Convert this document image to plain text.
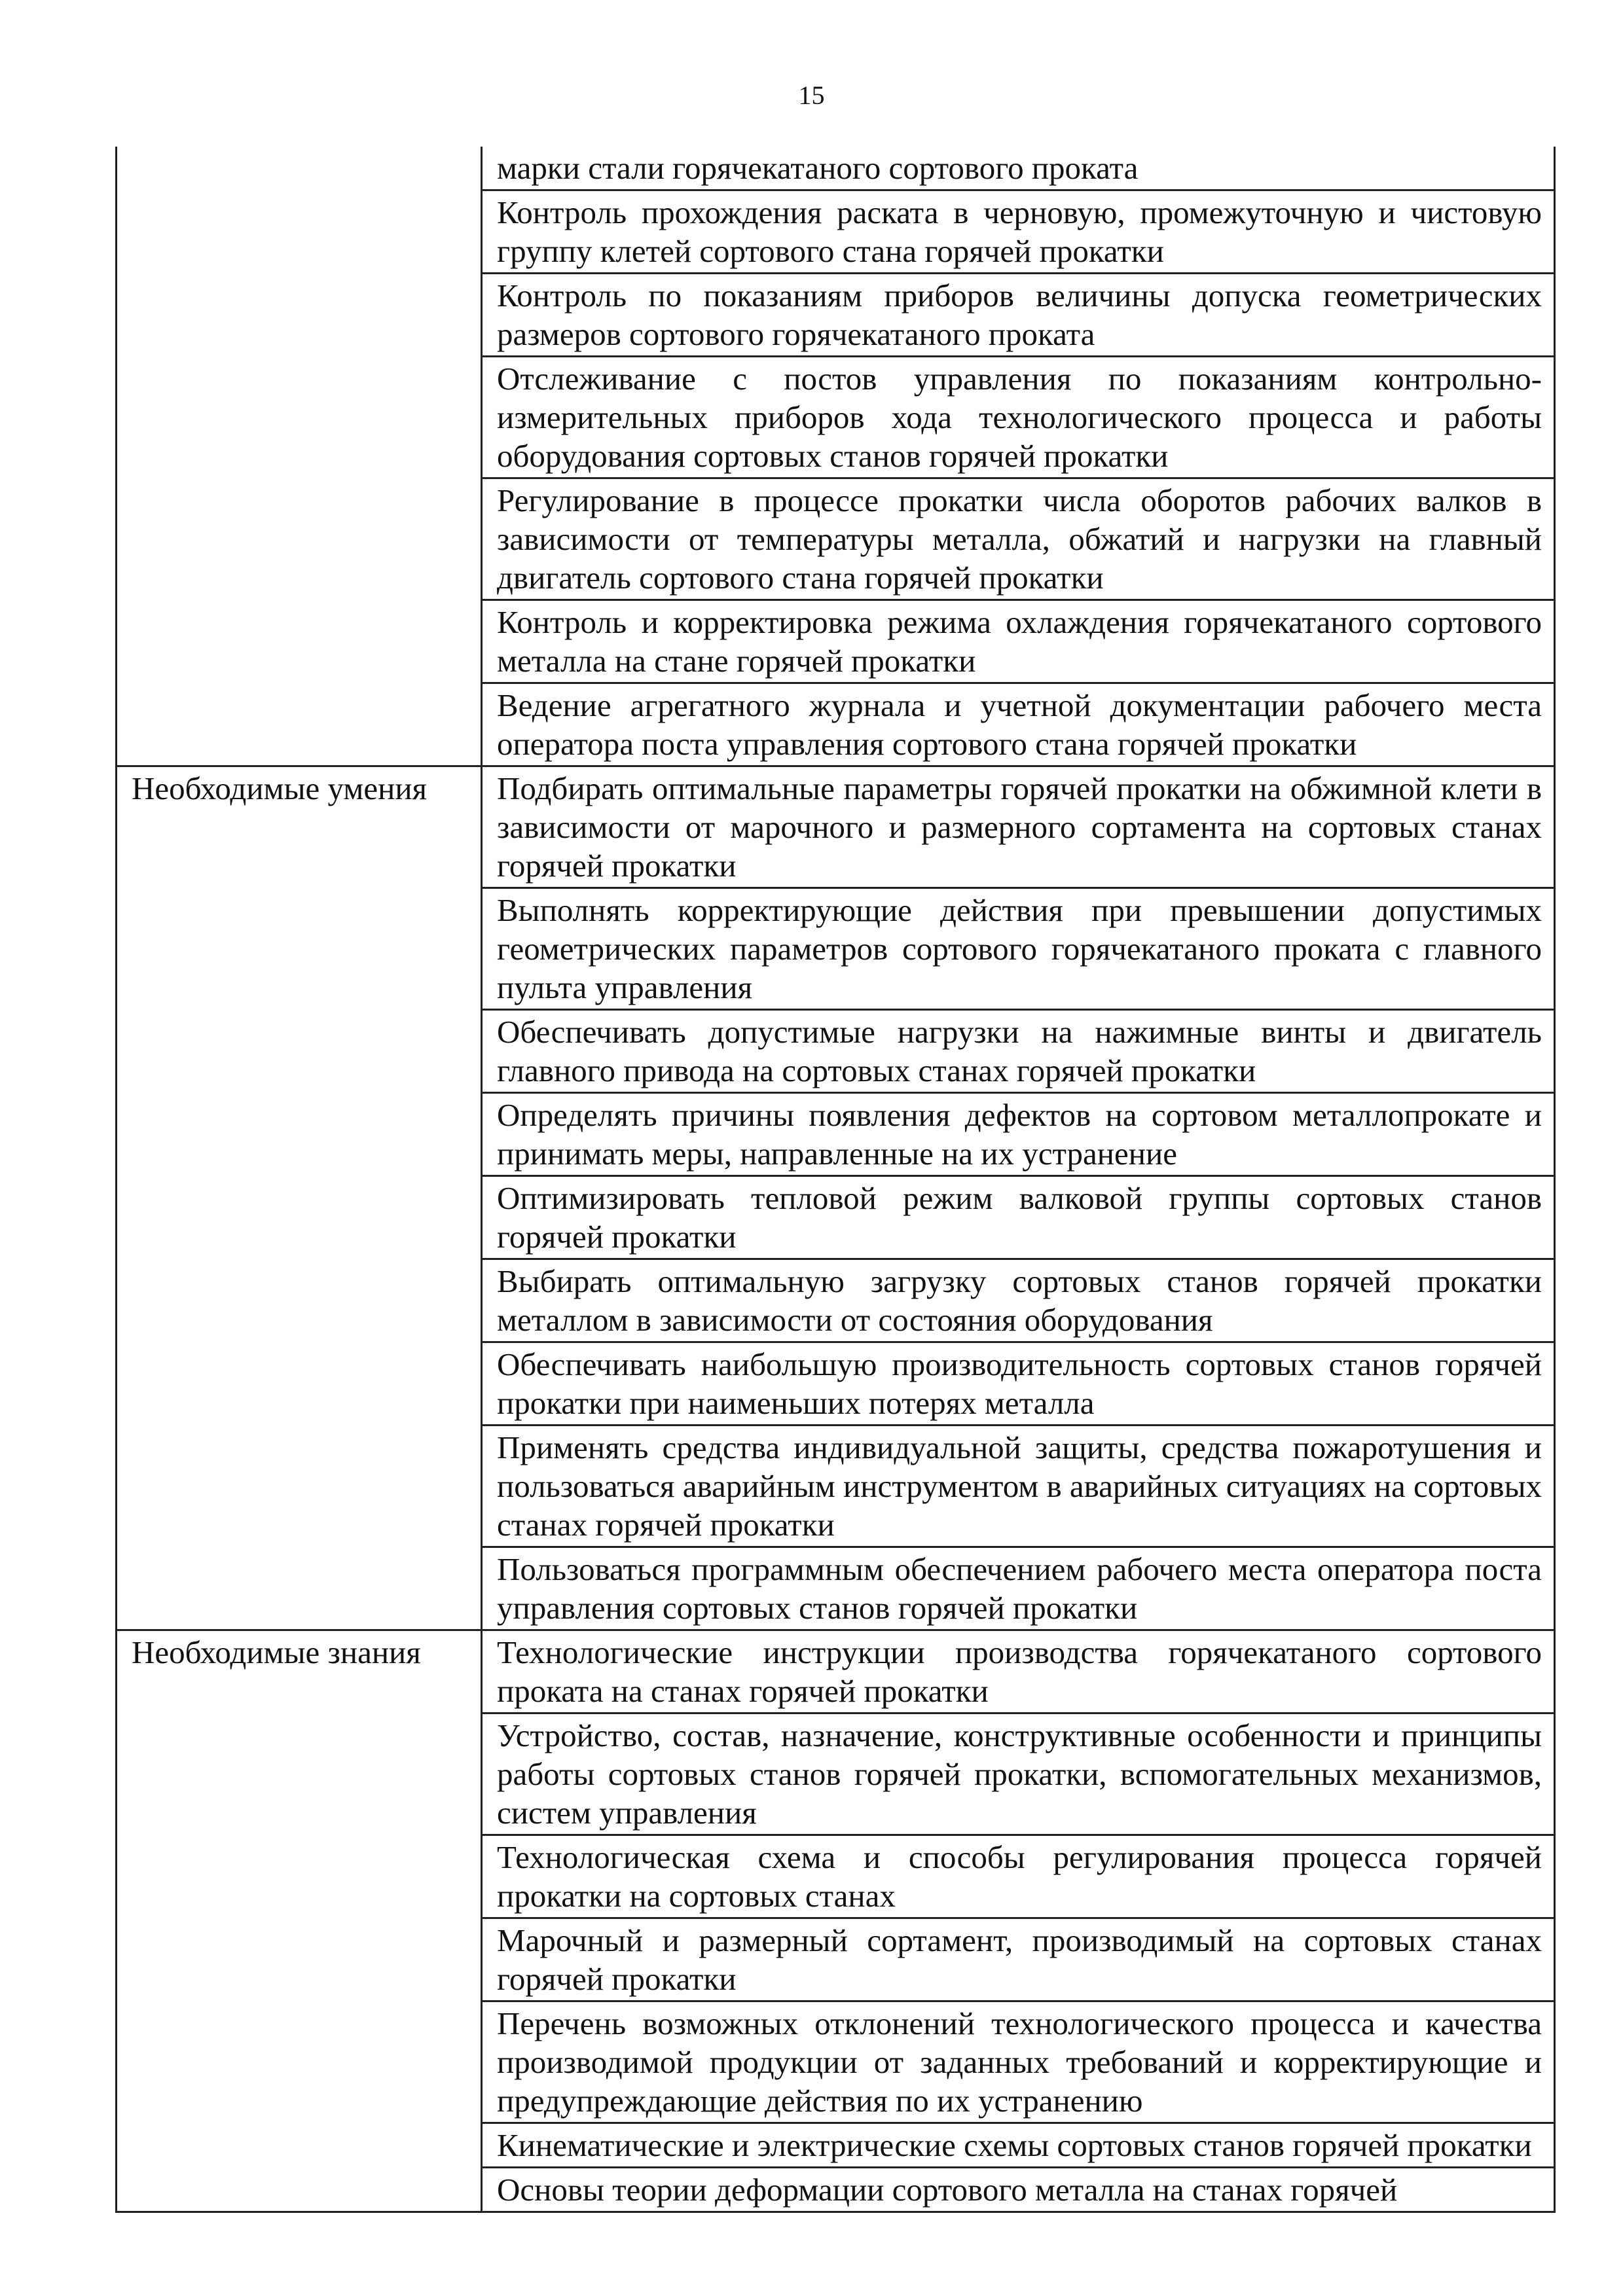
15
	марки стали горячекатаного сортового проката
	Контроль прохождения раската в черновую, промежуточную и чистовую группу клетей сортового стана горячей прокатки
	Контроль по показаниям приборов величины допуска геометрических размеров сортового горячекатаного проката
	Отслеживание с постов управления по показаниям контрольно-измерительных приборов хода технологического процесса и работы оборудования сортовых станов горячей прокатки
	Регулирование в процессе прокатки числа оборотов рабочих валков в зависимости от температуры металла, обжатий и нагрузки на главный двигатель сортового стана горячей прокатки
	Контроль и корректировка режима охлаждения горячекатаного сортового металла на стане горячей прокатки
	Ведение агрегатного журнала и учетной документации рабочего места оператора поста управления сортового стана горячей прокатки
Необходимые умения	Подбирать оптимальные параметры горячей прокатки на обжимной клети в зависимости от марочного и размерного сортамента на сортовых станах горячей прокатки
	Выполнять корректирующие действия при превышении допустимых геометрических параметров сортового горячекатаного проката с главного пульта управления
	Обеспечивать допустимые нагрузки на нажимные винты и двигатель главного привода на сортовых станах горячей прокатки
	Определять причины появления дефектов на сортовом металлопрокате и принимать меры, направленные на их устранение
	Оптимизировать тепловой режим валковой группы сортовых станов горячей прокатки
	Выбирать оптимальную загрузку сортовых станов горячей прокатки металлом в зависимости от состояния оборудования
	Обеспечивать наибольшую производительность сортовых станов горячей прокатки при наименьших потерях металла
	Применять средства индивидуальной защиты, средства пожаротушения и пользоваться аварийным инструментом в аварийных ситуациях на сортовых станах горячей прокатки
	Пользоваться программным обеспечением рабочего места оператора поста управления сортовых станов горячей прокатки
Необходимые знания	Технологические инструкции производства горячекатаного сортового проката на станах горячей прокатки
	Устройство, состав, назначение, конструктивные особенности и принципы работы сортовых станов горячей прокатки, вспомогательных механизмов, систем управления
	Технологическая схема и способы регулирования процесса горячей прокатки на сортовых станах
	Марочный и размерный сортамент, производимый на сортовых станах горячей прокатки
	Перечень возможных отклонений технологического процесса и качества производимой продукции от заданных требований и корректирующие и предупреждающие действия по их устранению
	Кинематические и электрические схемы сортовых станов горячей прокатки
	Основы теории деформации сортового металла на станах горячей
